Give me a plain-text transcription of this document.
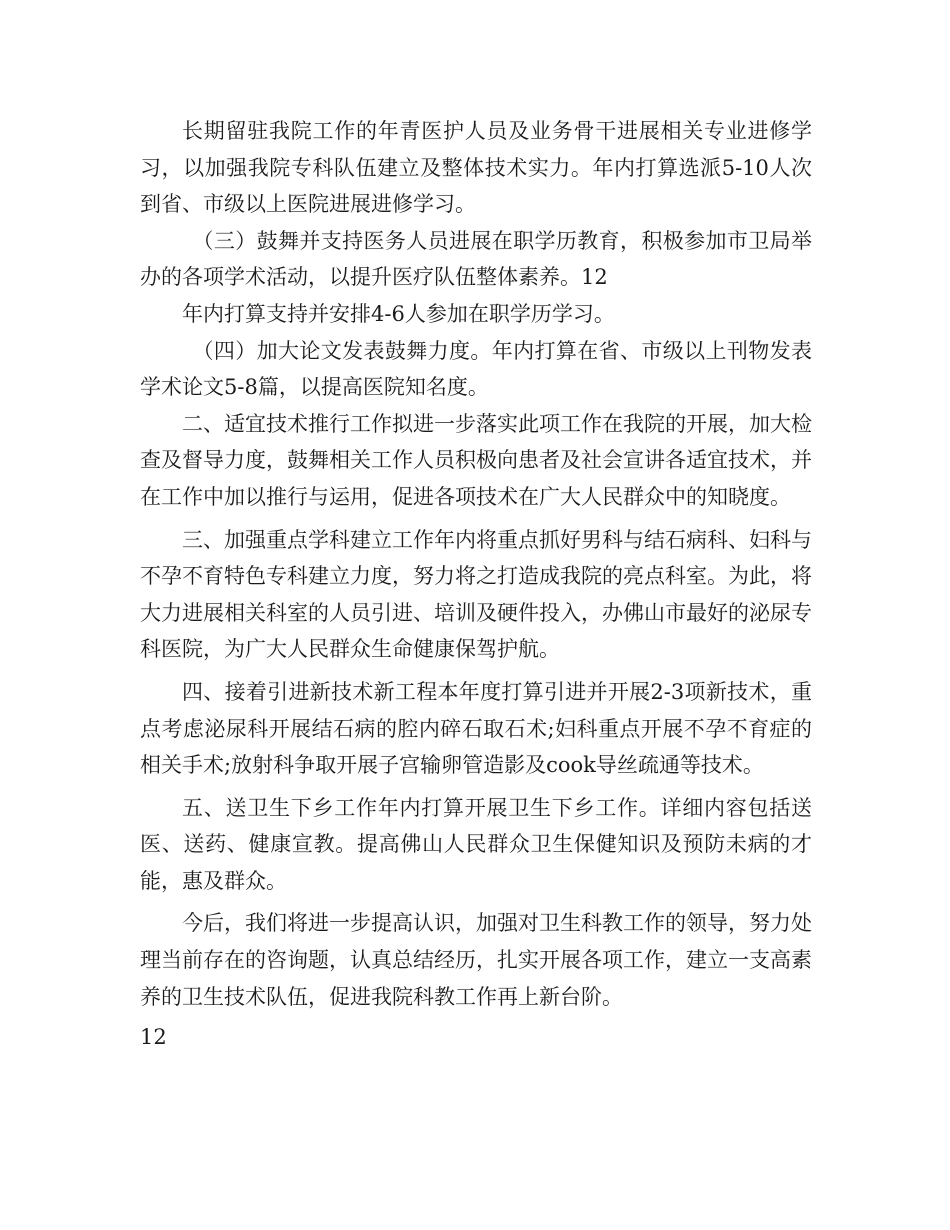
长期留驻我院工作的年青医护人员及业务骨干进展相关专业进修学习，以加强我院专科队伍建立及整体技术实力。年内打算选派5-10人次到省、市级以上医院进展进修学习。

（三）鼓舞并支持医务人员进展在职学历教育，积极参加市卫局举办的各项学术活动，以提升医疗队伍整体素养。12

年内打算支持并安排4-6人参加在职学历学习。

（四）加大论文发表鼓舞力度。年内打算在省、市级以上刊物发表学术论文5-8篇，以提高医院知名度。

二、适宜技术推行工作拟进一步落实此项工作在我院的开展，加大检查及督导力度，鼓舞相关工作人员积极向患者及社会宣讲各适宜技术，并在工作中加以推行与运用，促进各项技术在广大人民群众中的知晓度。

三、加强重点学科建立工作年内将重点抓好男科与结石病科、妇科与不孕不育特色专科建立力度，努力将之打造成我院的亮点科室。为此，将大力进展相关科室的人员引进、培训及硬件投入，办佛山市最好的泌尿专科医院，为广大人民群众生命健康保驾护航。

四、接着引进新技术新工程本年度打算引进并开展2-3项新技术，重点考虑泌尿科开展结石病的腔内碎石取石术;妇科重点开展不孕不育症的相关手术;放射科争取开展子宫输卵管造影及cook导丝疏通等技术。

五、送卫生下乡工作年内打算开展卫生下乡工作。详细内容包括送医、送药、健康宣教。提高佛山人民群众卫生保健知识及预防未病的才能，惠及群众。

今后，我们将进一步提高认识，加强对卫生科教工作的领导，努力处理当前存在的咨询题，认真总结经历，扎实开展各项工作，建立一支高素养的卫生技术队伍，促进我院科教工作再上新台阶。

12
